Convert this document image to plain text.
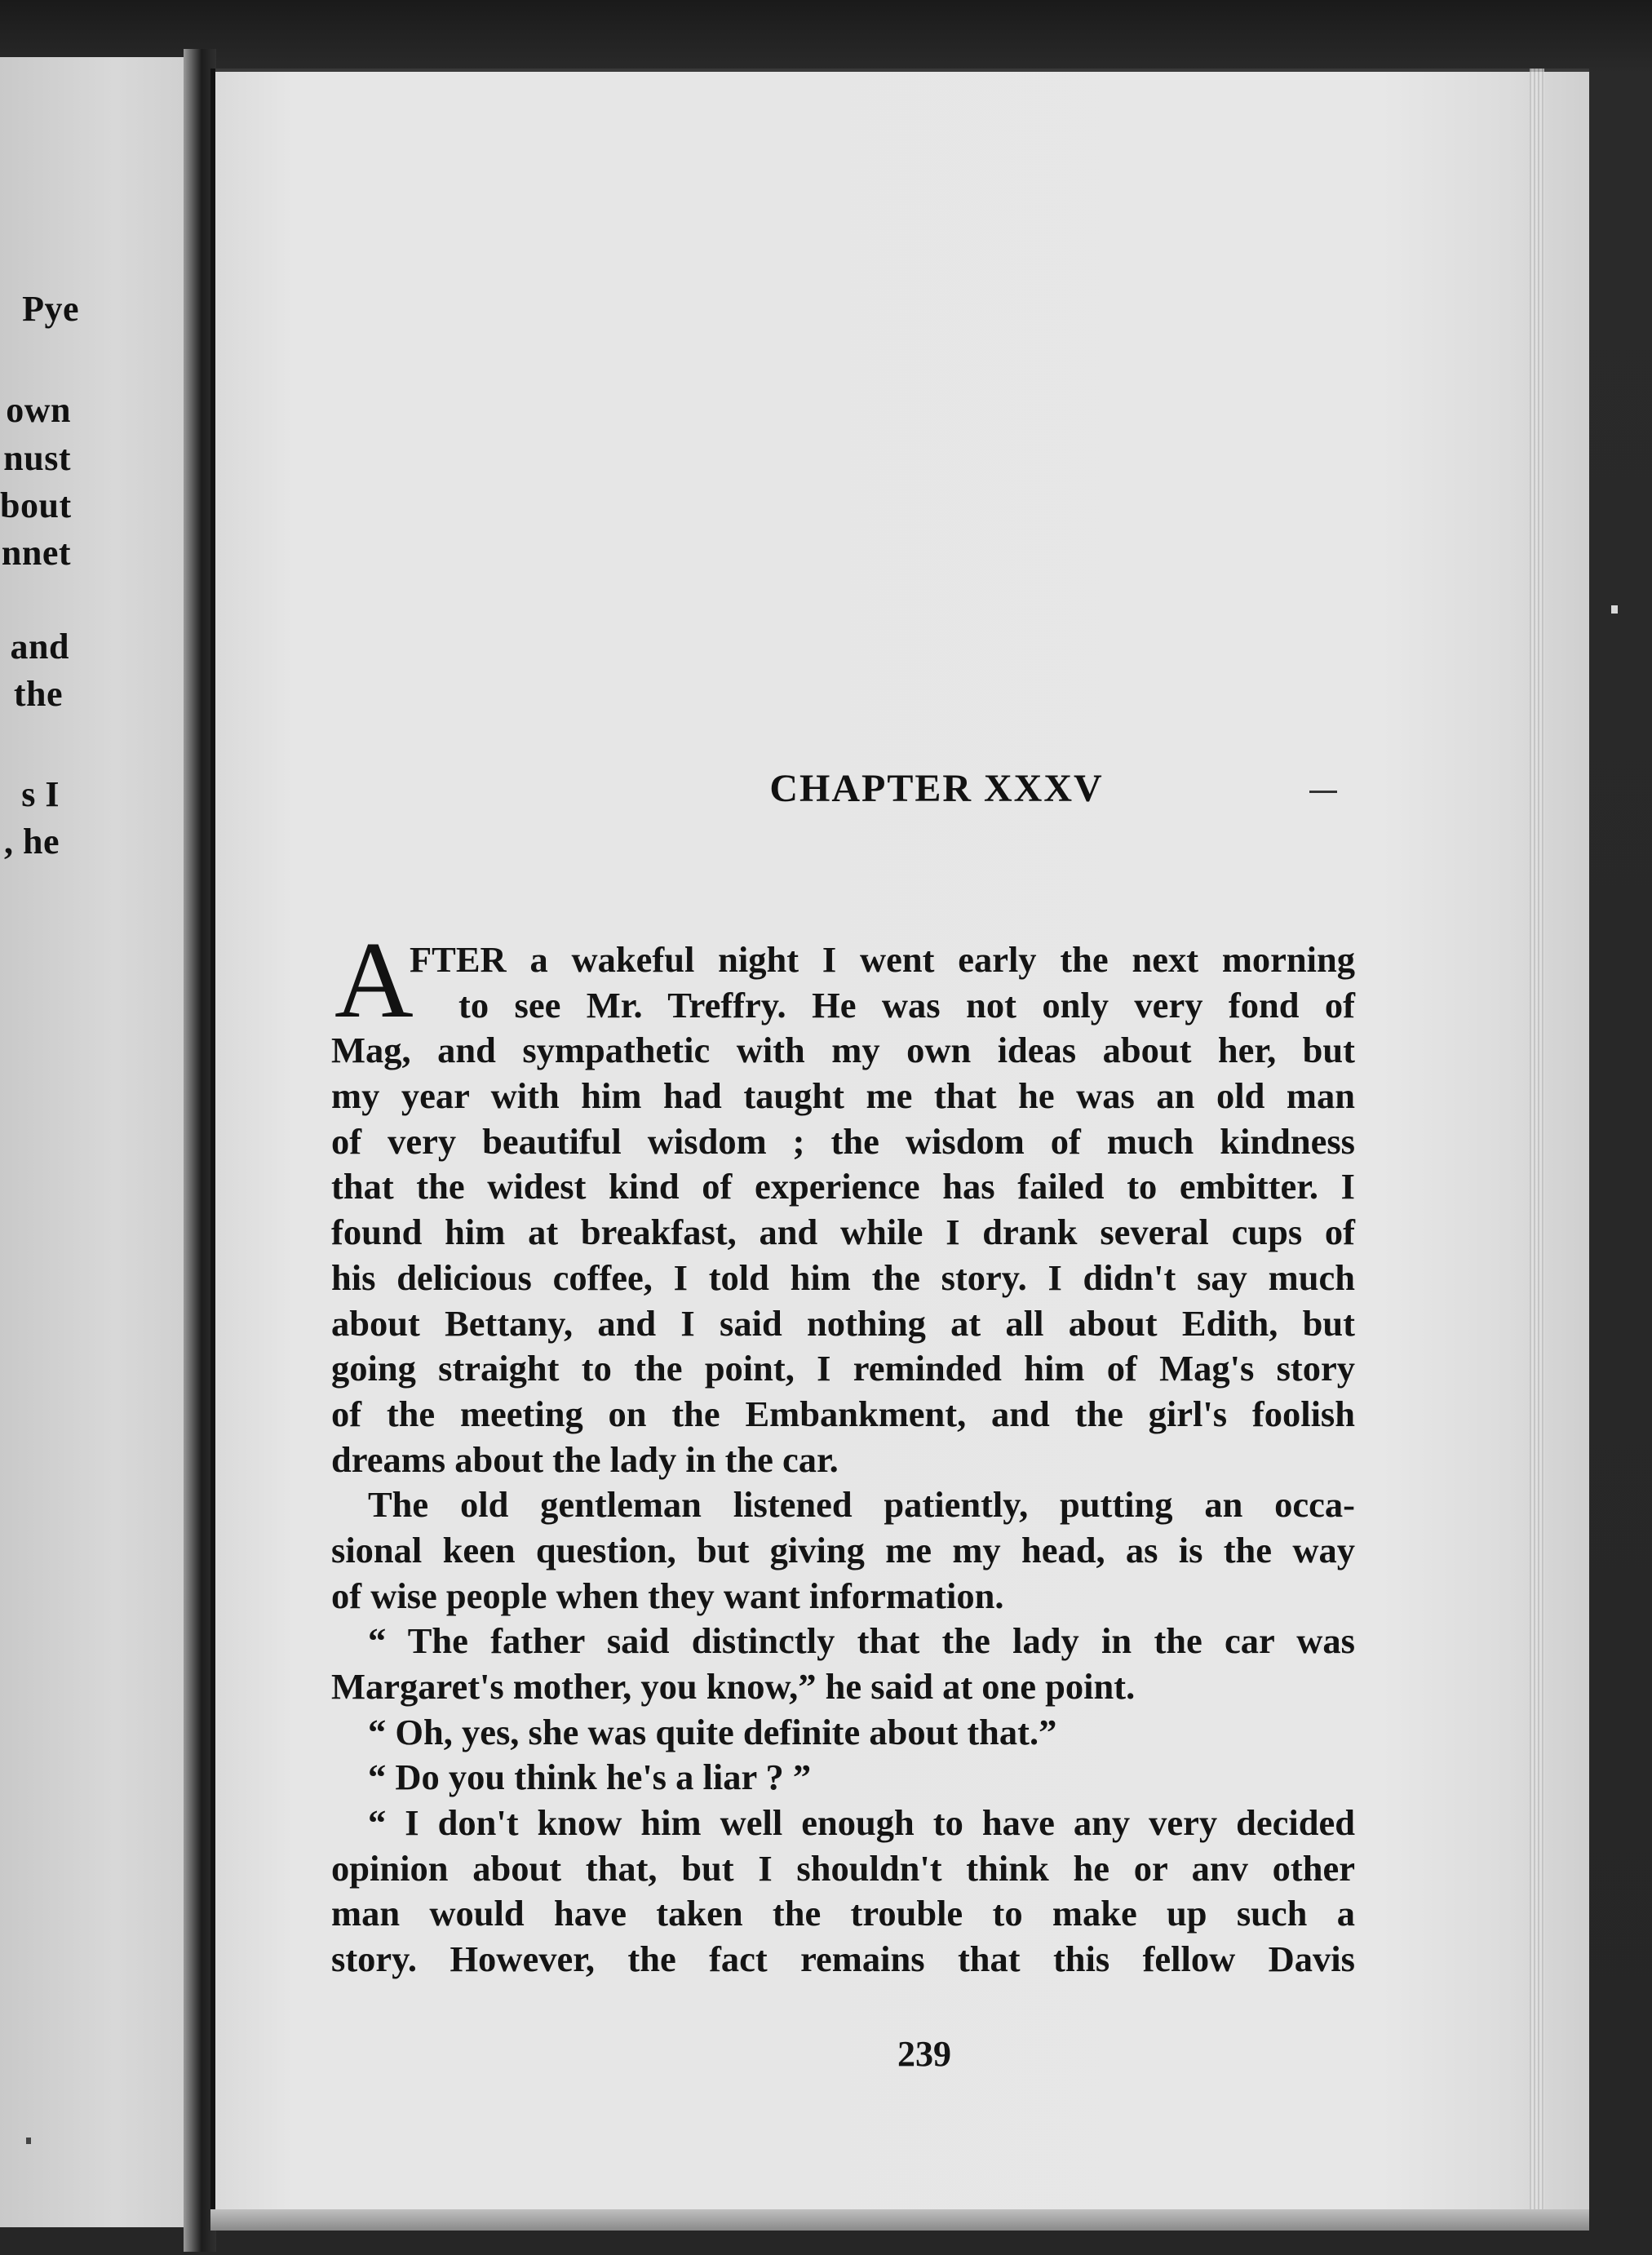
Pye
own
nust
bout
nnet
and
the
s I
, he
CHAPTER XXXV
A
FTER a wakeful night I went early the next morning
to see Mr. Treffry. He was not only very fond of
Mag, and sympathetic with my own ideas about her, but
my year with him had taught me that he was an old man
of very beautiful wisdom ; the wisdom of much kindness
that the widest kind of experience has failed to embitter. I
found him at breakfast, and while I drank several cups of
his delicious coffee, I told him the story. I didn't say much
about Bettany, and I said nothing at all about Edith, but
going straight to the point, I reminded him of Mag's story
of the meeting on the Embankment, and the girl's foolish
dreams about the lady in the car.
The old gentleman listened patiently, putting an occa-
sional keen question, but giving me my head, as is the way
of wise people when they want information.
“ The father said distinctly that the lady in the car was
Margaret's mother, you know,” he said at one point.
“ Oh, yes, she was quite definite about that.”
“ Do you think he's a liar ? ”
“ I don't know him well enough to have any very decided
opinion about that, but I shouldn't think he or anv other
man would have taken the trouble to make up such a
story. However, the fact remains that this fellow Davis
239
